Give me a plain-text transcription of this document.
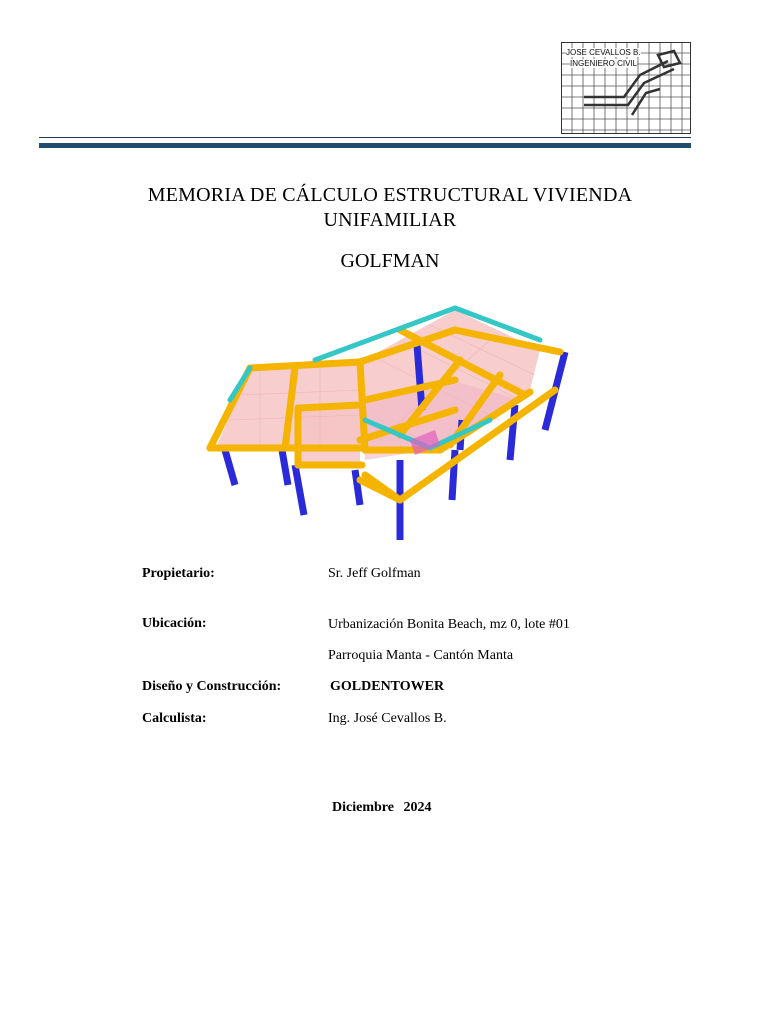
JOSE CEVALLOS B.
INGENIERO CIVIL
MEMORIA DE CÁLCULO ESTRUCTURAL VIVIENDA UNIFAMILIAR
GOLFMAN
Propietario:	Sr. Jeff Golfman
Ubicación:	Urbanización Bonita Beach, mz 0, lote #01
Parroquia Manta - Cantón Manta
Diseño y Construcción:	GOLDENTOWER
Calculista:	Ing. José Cevallos B.
Diciembre 2024
